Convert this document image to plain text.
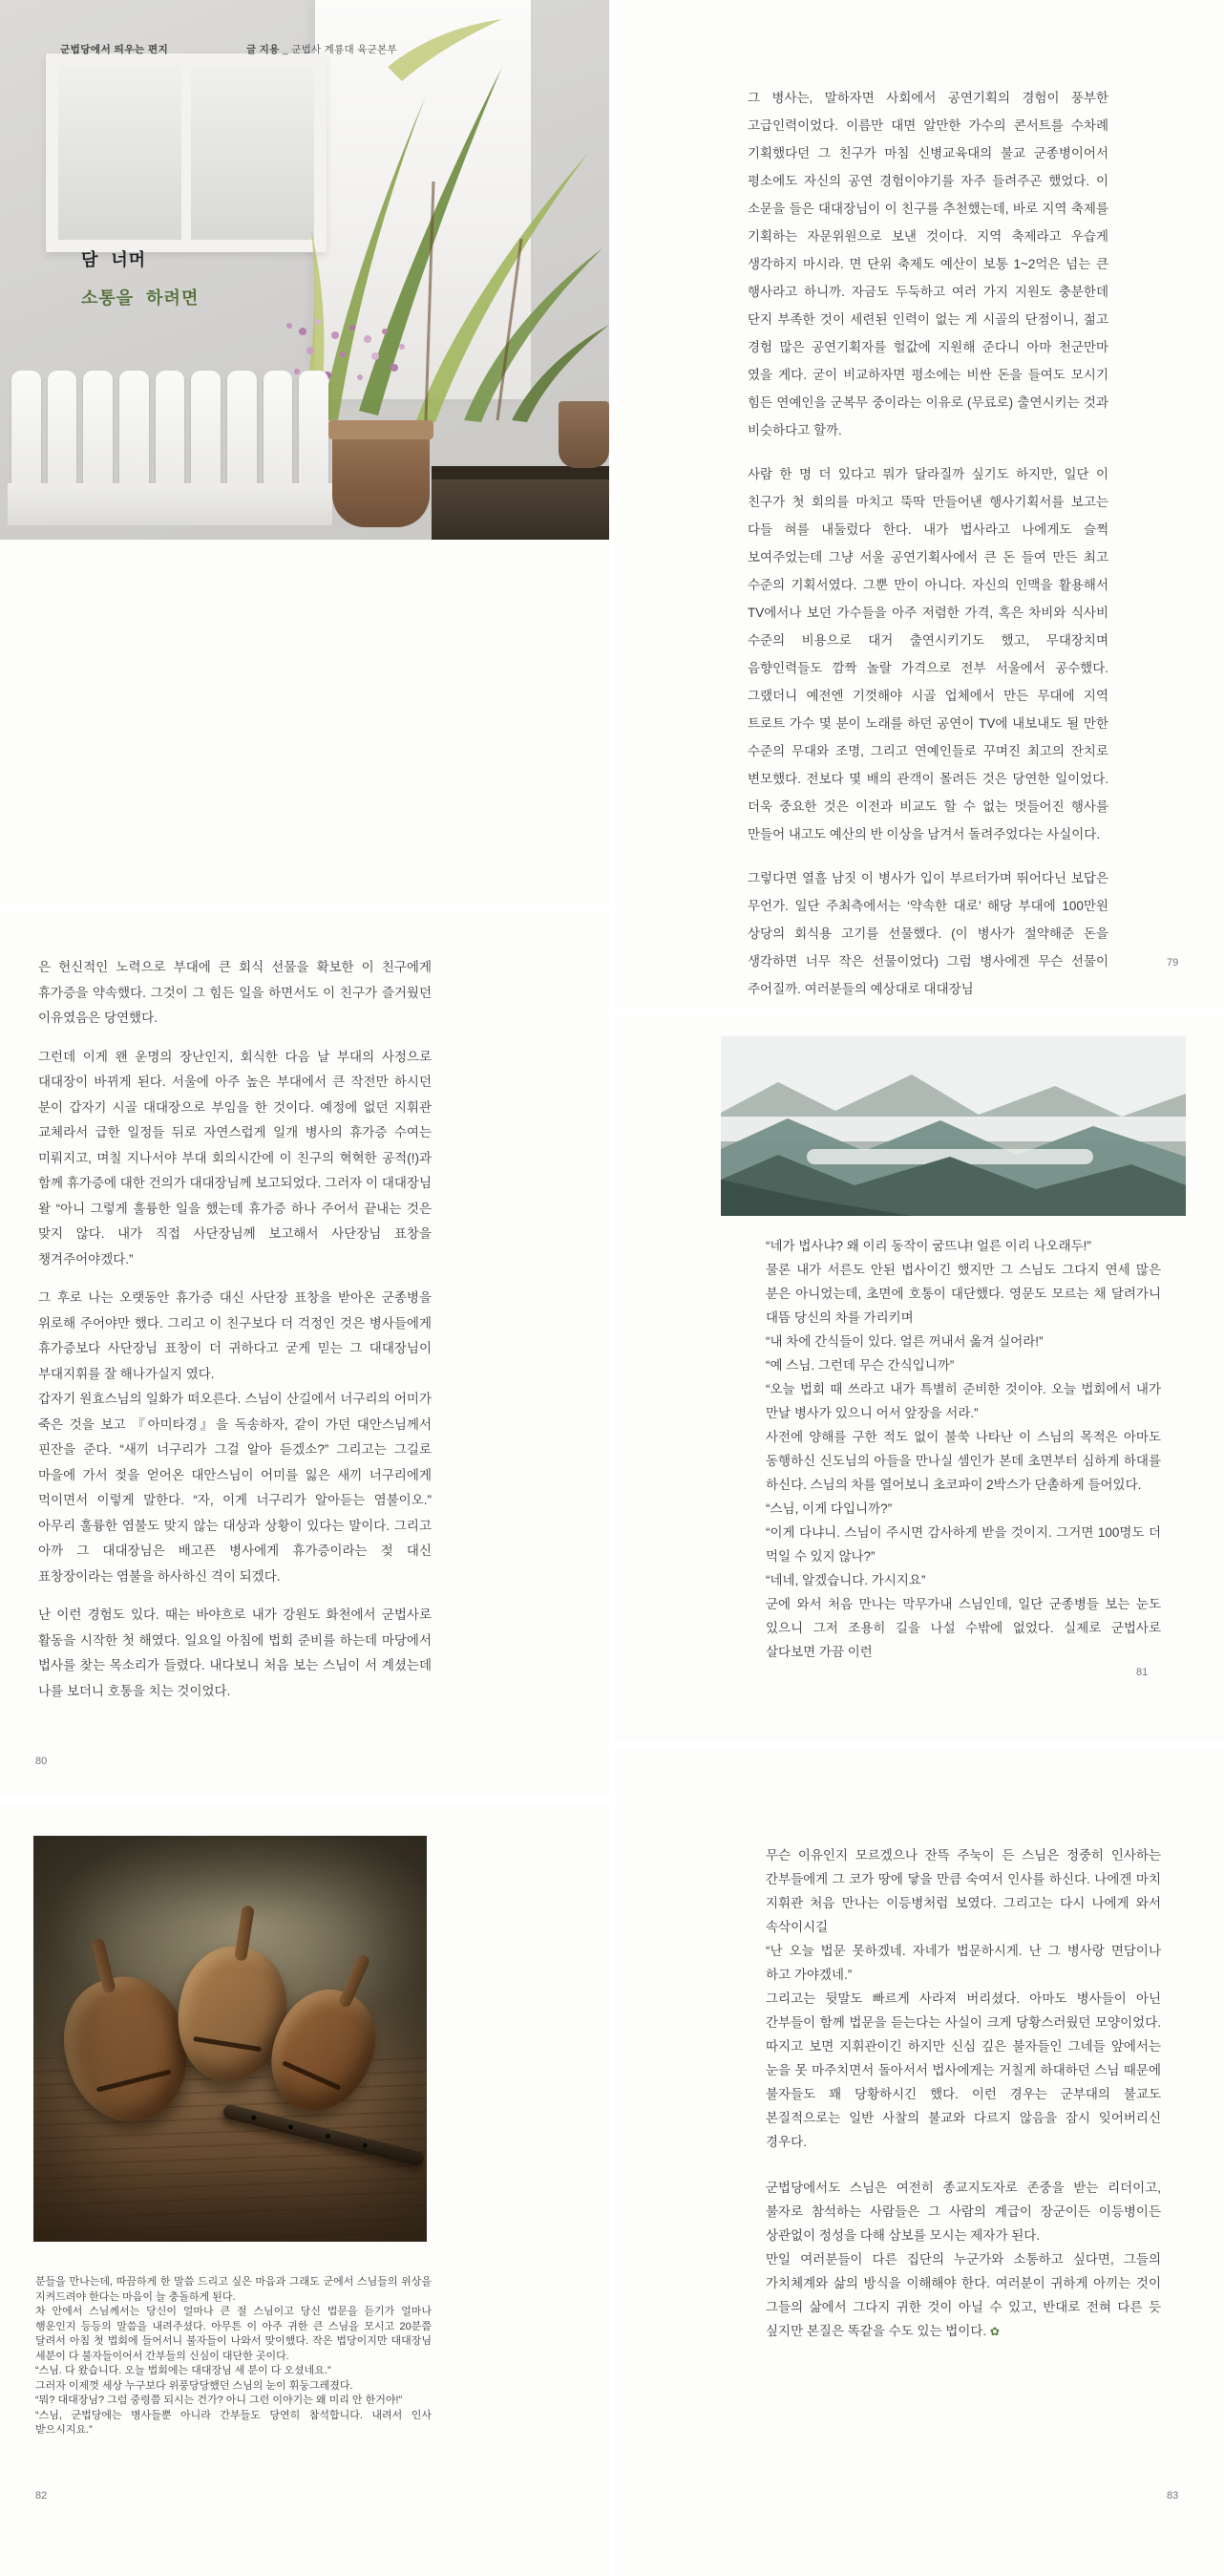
군법당에서 띄우는 편지	글 지용 _ 군법사 계룡대 육군본부
담 너머
소통을 하려면

그 병사는, 말하자면 사회에서 공연기획의 경험이 풍부한 고급인력이었다. 이름만 대면 알만한 가수의 콘서트를 수차례 기획했다던 그 친구가 마침 신병교육대의 불교 군종병이어서 평소에도 자신의 공연 경험이야기를 자주 들려주곤 했었다. 이 소문을 들은 대대장님이 이 친구를 추천했는데, 바로 지역 축제를 기획하는 자문위원으로 보낸 것이다. 지역 축제라고 우습게 생각하지 마시라. 면 단위 축제도 예산이 보통 1~2억은 넘는 큰 행사라고 하니까. 자금도 두둑하고 여러 가지 지원도 충분한데 단지 부족한 것이 세련된 인력이 없는 게 시골의 단점이니, 젊고 경험 많은 공연기획자를 헐값에 지원해 준다니 아마 천군만마 였을 게다. 굳이 비교하자면 평소에는 비싼 돈을 들여도 모시기 힘든 연예인을 군복무 중이라는 이유로 (무료로) 출연시키는 것과 비슷하다고 할까.

사람 한 명 더 있다고 뭐가 달라질까 싶기도 하지만, 일단 이 친구가 첫 회의를 마치고 뚝딱 만들어낸 행사기획서를 보고는 다들 혀를 내둘렀다 한다. 내가 법사라고 나에게도 슬쩍 보여주었는데 그냥 서울 공연기획사에서 큰 돈 들여 만든 최고 수준의 기획서였다. 그뿐 만이 아니다. 자신의 인맥을 활용해서 TV에서나 보던 가수들을 아주 저렴한 가격, 혹은 차비와 식사비 수준의 비용으로 대거 출연시키기도 했고, 무대장치며 음향인력들도 깜짝 놀랄 가격으로 전부 서울에서 공수했다. 그랬더니 예전엔 기껏해야 시골 업체에서 만든 무대에 지역 트로트 가수 몇 분이 노래를 하던 공연이 TV에 내보내도 될 만한 수준의 무대와 조명, 그리고 연예인들로 꾸며진 최고의 잔치로 변모했다. 전보다 몇 배의 관객이 몰려든 것은 당연한 일이었다. 더욱 중요한 것은 이전과 비교도 할 수 없는 멋들어진 행사를 만들어 내고도 예산의 반 이상을 남겨서 돌려주었다는 사실이다.

그렇다면 열흘 남짓 이 병사가 입이 부르터가며 뛰어다닌 보답은 무언가. 일단 주최측에서는 ‘약속한 대로’ 해당 부대에 100만원 상당의 회식용 고기를 선물했다. (이 병사가 절약해준 돈을 생각하면 너무 작은 선물이었다) 그럼 병사에겐 무슨 선물이 주어질까. 여러분들의 예상대로 대대장님

79

은 헌신적인 노력으로 부대에 큰 회식 선물을 확보한 이 친구에게 휴가증을 약속했다. 그것이 그 힘든 일을 하면서도 이 친구가 즐거웠던 이유였음은 당연했다.

그런데 이게 왠 운명의 장난인지, 회식한 다음 날 부대의 사정으로 대대장이 바뀌게 된다. 서울에 아주 높은 부대에서 큰 작전만 하시던 분이 갑자기 시골 대대장으로 부임을 한 것이다. 예정에 없던 지휘관 교체라서 급한 일정들 뒤로 자연스럽게 일개 병사의 휴가증 수여는 미뤄지고, 며칠 지나서야 부대 회의시간에 이 친구의 혁혁한 공적(!)과 함께 휴가증에 대한 건의가 대대장님께 보고되었다. 그러자 이 대대장님 왈 “아니 그렇게 훌륭한 일을 했는데 휴가증 하나 주어서 끝내는 것은 맞지 않다. 내가 직접 사단장님께 보고해서 사단장님 표창을 챙겨주어야겠다.”

그 후로 나는 오랫동안 휴가증 대신 사단장 표창을 받아온 군종병을 위로해 주어야만 했다. 그리고 이 친구보다 더 걱정인 것은 병사들에게 휴가증보다 사단장님 표창이 더 귀하다고 굳게 믿는 그 대대장님이 부대지휘를 잘 해나가실지 였다.

갑자기 원효스님의 일화가 떠오른다. 스님이 산길에서 너구리의 어미가 죽은 것을 보고 『아미타경』을 독송하자, 같이 가던 대안스님께서 핀잔을 준다. “새끼 너구리가 그걸 알아 듣겠소?” 그리고는 그길로 마을에 가서 젖을 얻어온 대안스님이 어미를 잃은 새끼 너구리에게 먹이면서 이렇게 말한다. “자, 이게 너구리가 알아듣는 염불이오.” 아무리 훌륭한 염불도 맞지 않는 대상과 상황이 있다는 말이다. 그리고 아까 그 대대장님은 배고픈 병사에게 휴가증이라는 젖 대신 표창장이라는 염불을 하사하신 격이 되겠다.

난 이런 경험도 있다. 때는 바야흐로 내가 강원도 화천에서 군법사로 활동을 시작한 첫 해였다. 일요일 아침에 법회 준비를 하는데 마당에서 법사를 찾는 목소리가 들렸다. 내다보니 처음 보는 스님이 서 계셨는데 나를 보더니 호통을 치는 것이었다.

80

“네가 법사냐? 왜 이리 동작이 굼뜨냐! 얼른 이리 나오래두!”

물론 내가 서른도 안된 법사이긴 했지만 그 스님도 그다지 연세 많은 분은 아니었는데, 초면에 호통이 대단했다. 영문도 모르는 채 달려가니 대뜸 당신의 차를 가리키며

“내 차에 간식들이 있다. 얼른 꺼내서 옮겨 실어라!”

“예 스님. 그런데 무슨 간식입니까”

“오늘 법회 때 쓰라고 내가 특별히 준비한 것이야. 오늘 법회에서 내가 만날 병사가 있으니 어서 앞장을 서라.”

사전에 양해를 구한 적도 없이 불쑥 나타난 이 스님의 목적은 아마도 동행하신 신도님의 아들을 만나실 셈인가 본데 초면부터 심하게 하대를 하신다. 스님의 차를 열어보니 초코파이 2박스가 단촐하게 들어있다.

“스님, 이게 다입니까?”

“이게 다냐니. 스님이 주시면 감사하게 받을 것이지. 그거면 100명도 더 먹일 수 있지 않나?”

“네네, 알겠습니다. 가시지요”

군에 와서 처음 만나는 막무가내 스님인데, 일단 군종병들 보는 눈도 있으니 그저 조용히 길을 나설 수밖에 없었다. 실제로 군법사로 살다보면 가끔 이런

81

분들을 만나는데, 따끔하게 한 말씀 드리고 싶은 마음과 그래도 군에서 스님들의 위상을 지켜드려야 한다는 마음이 늘 충돌하게 된다.

차 안에서 스님께서는 당신이 얼마나 큰 절 스님이고 당신 법문을 듣기가 얼마나 행운인지 등등의 말씀을 내려주셨다. 아무튼 이 아주 귀한 큰 스님을 모시고 20분쯤 달려서 아침 첫 법회에 들어서니 불자들이 나와서 맞이했다. 작은 법당이지만 대대장님 세분이 다 불자들이어서 간부들의 신심이 대단한 곳이다.

“스님. 다 왔습니다. 오늘 법회에는 대대장님 세 분이 다 오셨네요.”

그러자 이제껏 세상 누구보다 위풍당당했던 스님의 눈이 휘둥그레졌다.

“뭐? 대대장님? 그럼 중령쯤 되시는 건가? 아니 그런 이야기는 왜 미리 안 한거야!”

“스님, 군법당에는 병사들뿐 아니라 간부들도 당연히 참석합니다. 내려서 인사 받으시지요.”

82

무슨 이유인지 모르겠으나 잔뜩 주눅이 든 스님은 정중히 인사하는 간부들에게 그 코가 땅에 닿을 만큼 숙여서 인사를 하신다. 나에겐 마치 지휘관 처음 만나는 이등병처럼 보였다. 그리고는 다시 나에게 와서 속삭이시길

“난 오늘 법문 못하겠네. 자네가 법문하시게. 난 그 병사랑 면담이나 하고 가야겠네.”

그리고는 뒷말도 빠르게 사라져 버리셨다. 아마도 병사들이 아닌 간부들이 함께 법문을 듣는다는 사실이 크게 당황스러웠던 모양이었다. 따지고 보면 지휘관이긴 하지만 신심 깊은 불자들인 그네들 앞에서는 눈을 못 마주치면서 돌아서서 법사에게는 거칠게 하대하던 스님 때문에 불자들도 꽤 당황하시긴 했다. 이런 경우는 군부대의 불교도 본질적으로는 일반 사찰의 불교와 다르지 않음을 잠시 잊어버리신 경우다.

군법당에서도 스님은 여전히 종교지도자로 존중을 받는 리더이고, 불자로 참석하는 사람들은 그 사람의 계급이 장군이든 이등병이든 상관없이 정성을 다해 삼보를 모시는 제자가 된다.

만일 여러분들이 다른 집단의 누군가와 소통하고 싶다면, 그들의 가치체계와 삶의 방식을 이해해야 한다. 여러분이 귀하게 아끼는 것이 그들의 삶에서 그다지 귀한 것이 아닐 수 있고, 반대로 전혀 다른 듯 싶지만 본질은 똑같을 수도 있는 법이다. ✿

83
